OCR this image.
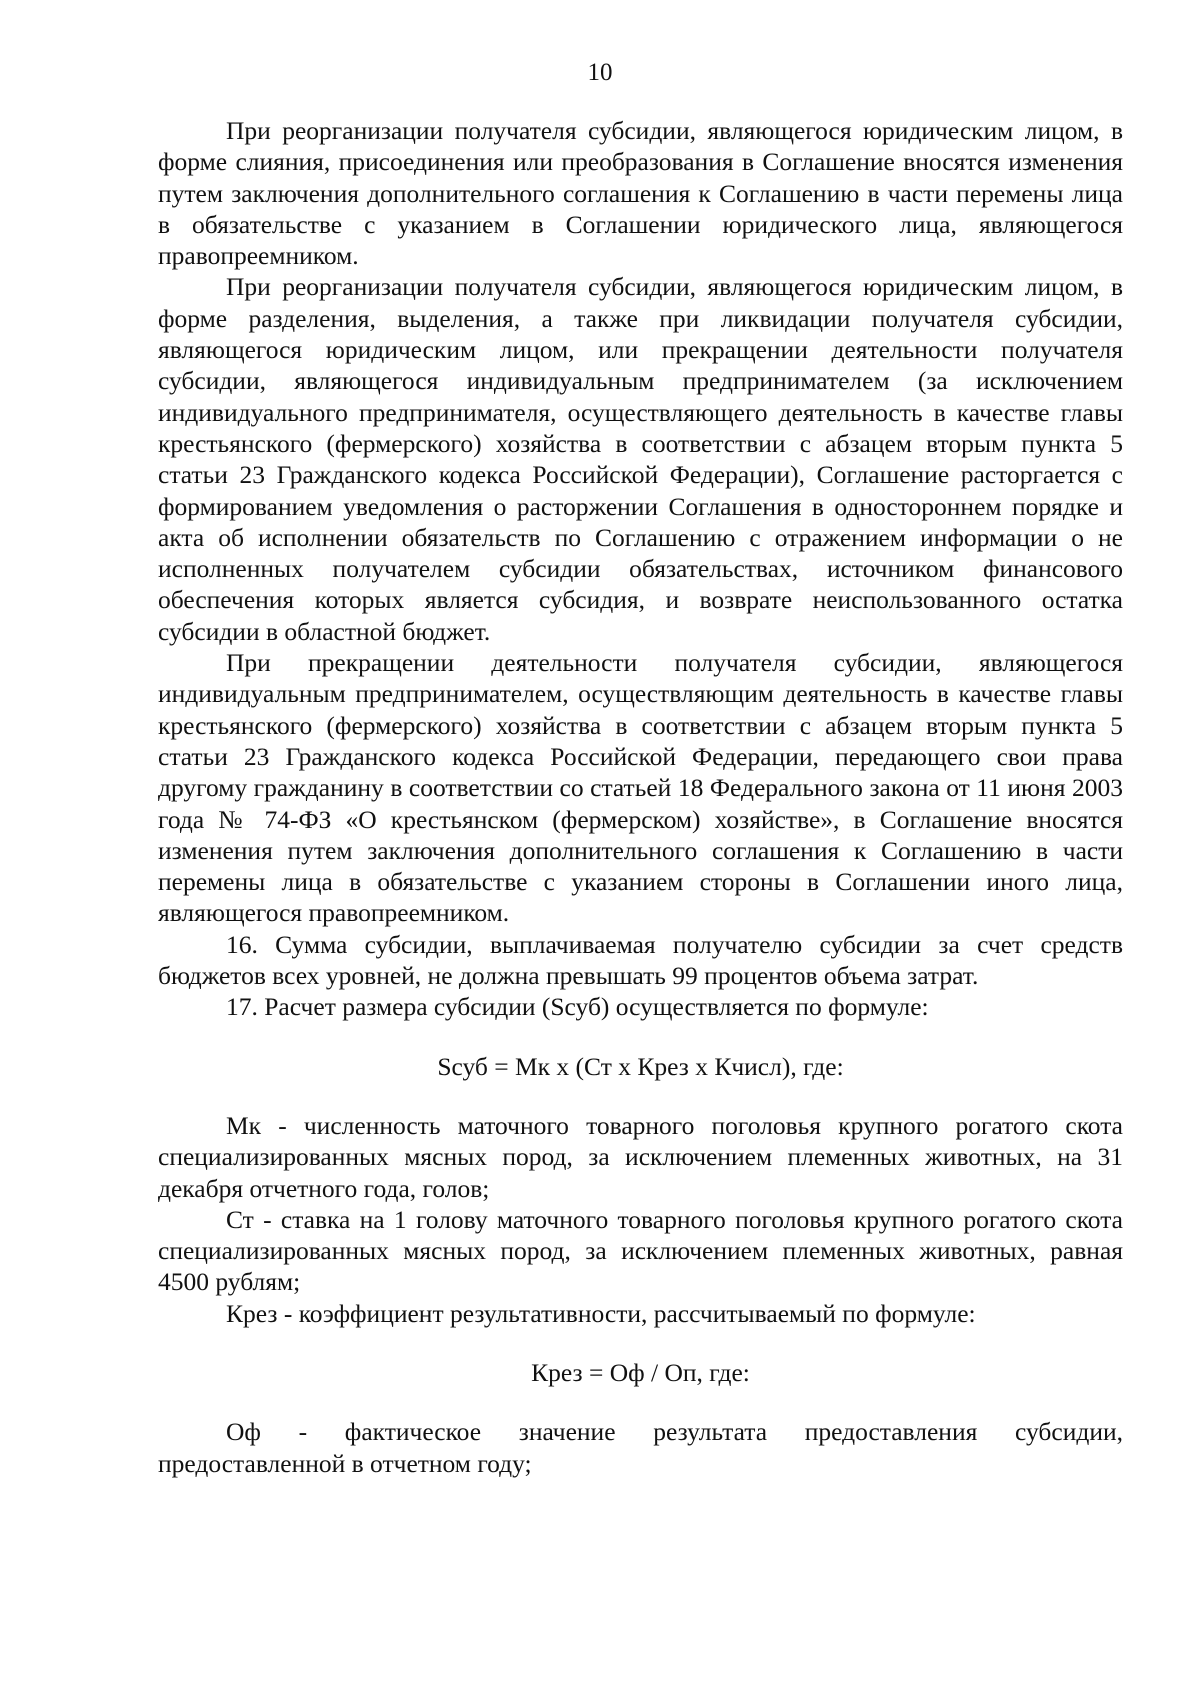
10

При реорганизации получателя субсидии, являющегося юридическим лицом, в форме слияния, присоединения или преобразования в Соглашение вносятся изменения путем заключения дополнительного соглашения к Соглашению в части перемены лица в обязательстве с указанием в Соглашении юридического лица, являющегося правопреемником.

При реорганизации получателя субсидии, являющегося юридическим лицом, в форме разделения, выделения, а также при ликвидации получателя субсидии, являющегося юридическим лицом, или прекращении деятельности получателя субсидии, являющегося индивидуальным предпринимателем (за исключением индивидуального предпринимателя, осуществляющего деятельность в качестве главы крестьянского (фермерского) хозяйства в соответствии с абзацем вторым пункта 5 статьи 23 Гражданского кодекса Российской Федерации), Соглашение расторгается с формированием уведомления о расторжении Соглашения в одностороннем порядке и акта об исполнении обязательств по Соглашению с отражением информации о не исполненных получателем субсидии обязательствах, источником финансового обеспечения которых является субсидия, и возврате неиспользованного остатка субсидии в областной бюджет.

При прекращении деятельности получателя субсидии, являющегося индивидуальным предпринимателем, осуществляющим деятельность в качестве главы крестьянского (фермерского) хозяйства в соответствии с абзацем вторым пункта 5 статьи 23 Гражданского кодекса Российской Федерации, передающего свои права другому гражданину в соответствии со статьей 18 Федерального закона от 11 июня 2003 года № 74-ФЗ «О крестьянском (фермерском) хозяйстве», в Соглашение вносятся изменения путем заключения дополнительного соглашения к Соглашению в части перемены лица в обязательстве с указанием стороны в Соглашении иного лица, являющегося правопреемником.

16. Сумма субсидии, выплачиваемая получателю субсидии за счет средств бюджетов всех уровней, не должна превышать 99 процентов объема затрат.

17. Расчет размера субсидии (Sсуб) осуществляется по формуле:

Sсуб = Мк х (Ст х Крез х Кчисл), где:

Мк - численность маточного товарного поголовья крупного рогатого скота специализированных мясных пород, за исключением племенных животных, на 31 декабря отчетного года, голов;

Ст - ставка на 1 голову маточного товарного поголовья крупного рогатого скота специализированных мясных пород, за исключением племенных животных, равная 4500 рублям;

Крез - коэффициент результативности, рассчитываемый по формуле:

Крез = Оф / Оп, где:

Оф - фактическое значение результата предоставления субсидии, предоставленной в отчетном году;
